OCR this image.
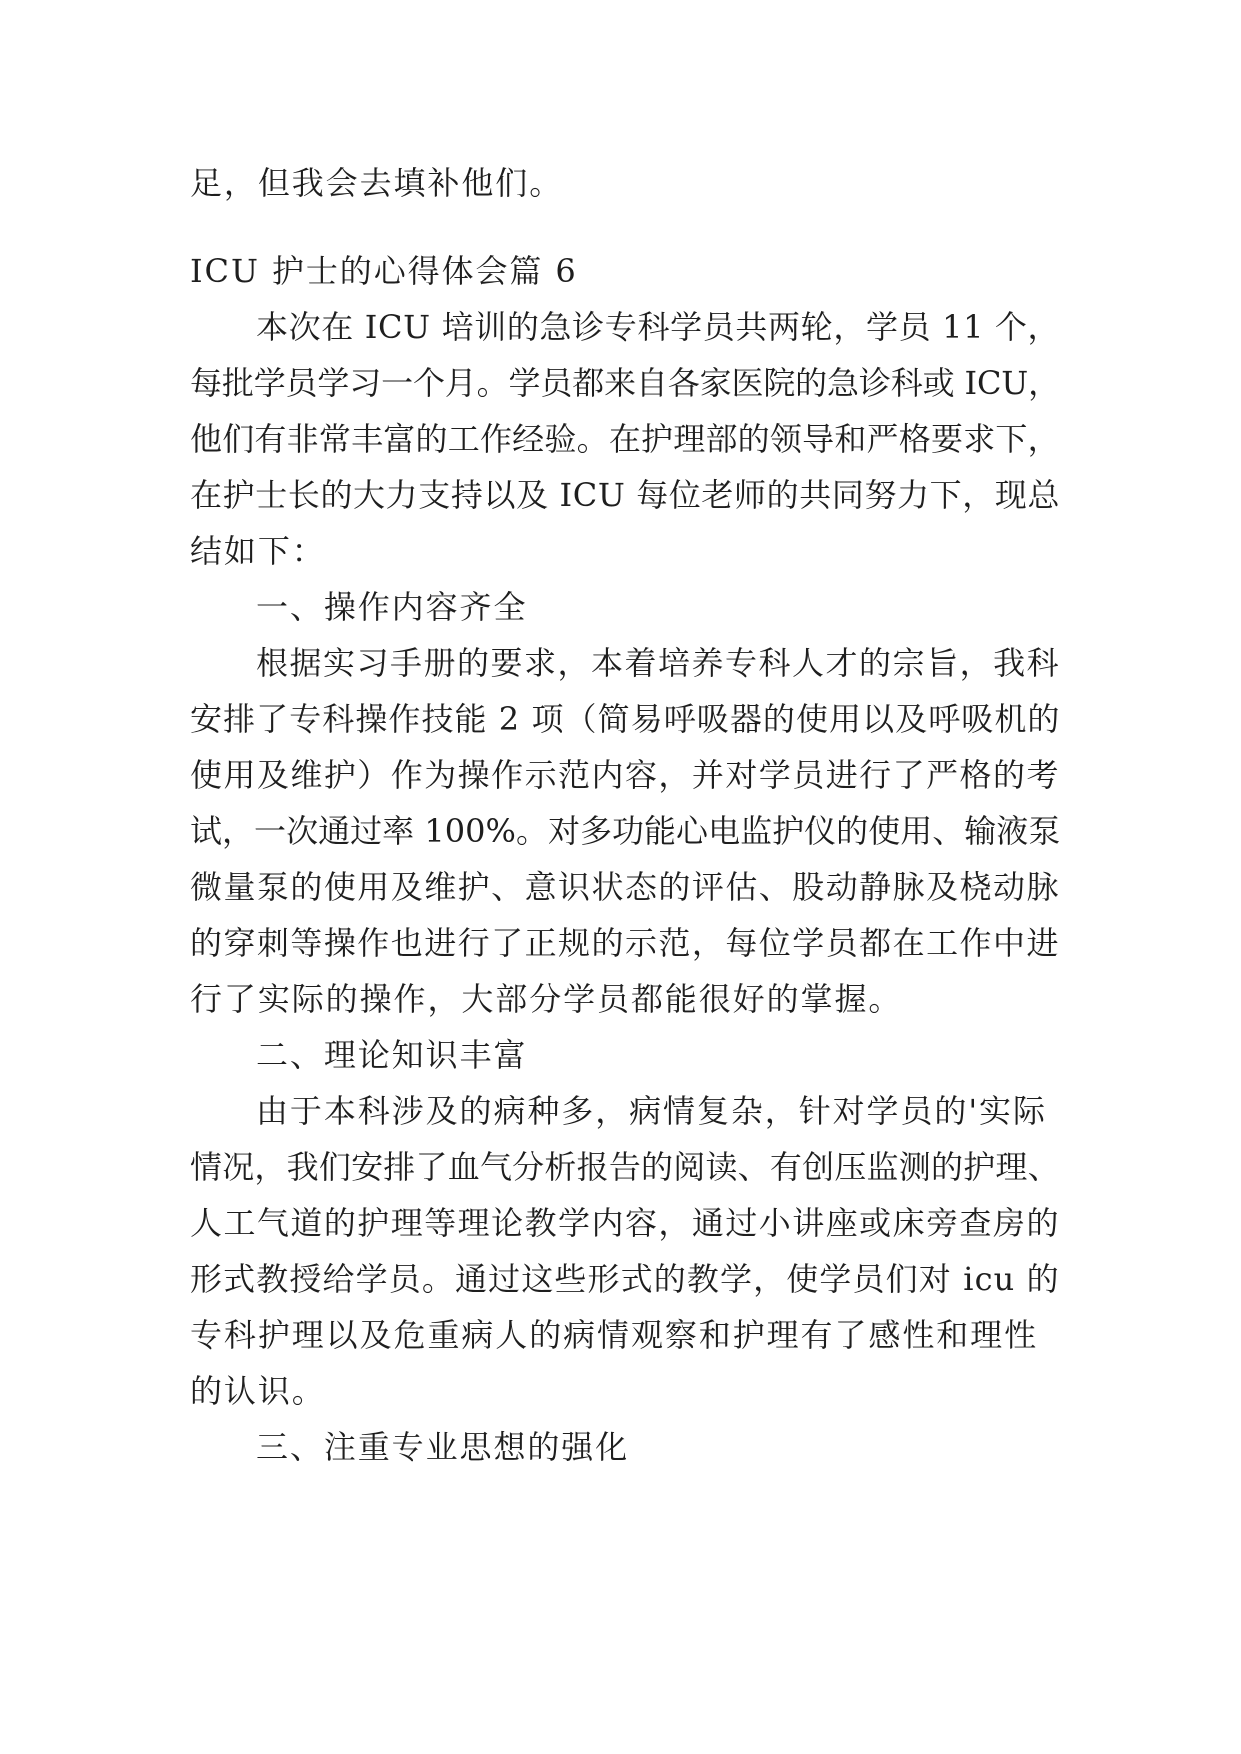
足，但我会去填补他们。

ICU 护士的心得体会篇 6

本次在 ICU 培训的急诊专科学员共两轮，学员 11 个，

每批学员学习一个月。学员都来自各家医院的急诊科或 ICU，

他们有非常丰富的工作经验。在护理部的领导和严格要求下，

在护士长的大力支持以及 ICU 每位老师的共同努力下，现总

结如下：

一、操作内容齐全

根据实习手册的要求，本着培养专科人才的宗旨，我科

安排了专科操作技能 2 项（简易呼吸器的使用以及呼吸机的

使用及维护）作为操作示范内容，并对学员进行了严格的考

试，一次通过率 100%。对多功能心电监护仪的使用、输液泵

微量泵的使用及维护、意识状态的评估、股动静脉及桡动脉

的穿刺等操作也进行了正规的示范，每位学员都在工作中进

行了实际的操作，大部分学员都能很好的掌握。

二、理论知识丰富

由于本科涉及的病种多，病情复杂，针对学员的'实际

情况，我们安排了血气分析报告的阅读、有创压监测的护理、

人工气道的护理等理论教学内容，通过小讲座或床旁查房的

形式教授给学员。通过这些形式的教学，使学员们对 icu 的

专科护理以及危重病人的病情观察和护理有了感性和理性

的认识。

三、注重专业思想的强化
